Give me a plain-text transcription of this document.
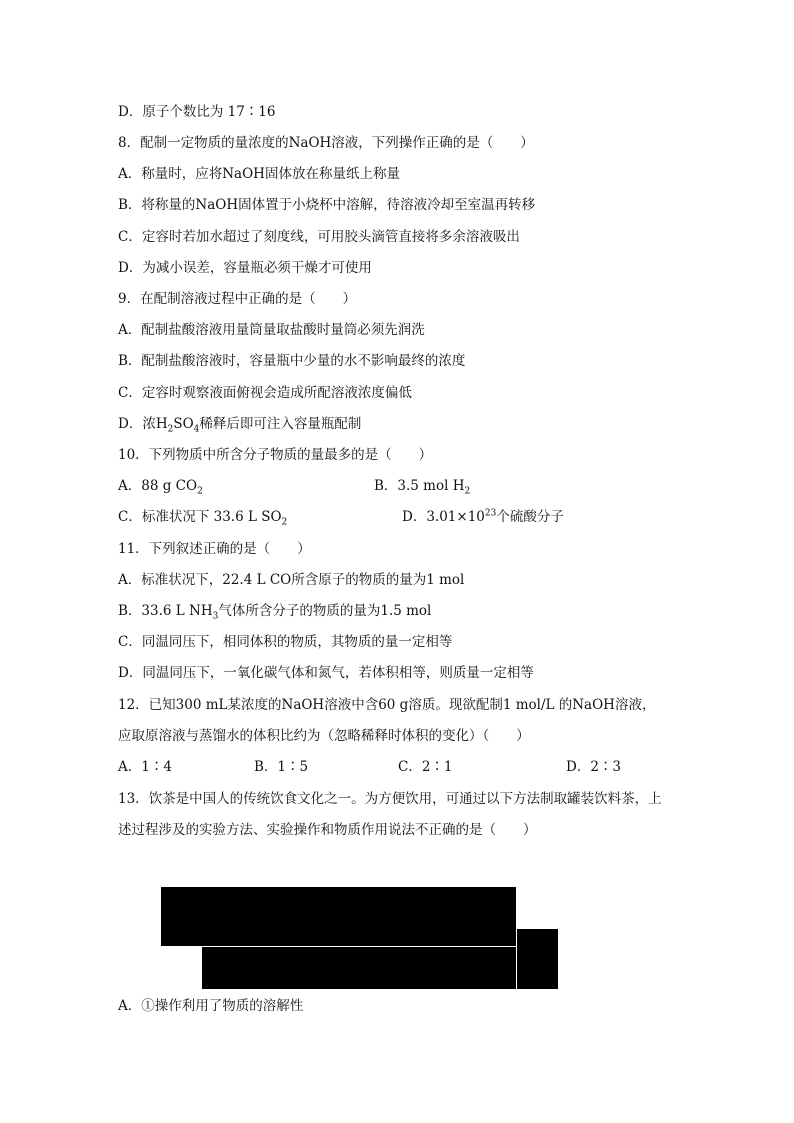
D．原子个数比为 17∶16
8．配制一定物质的量浓度的NaOH溶液，下列操作正确的是（　　）
A．称量时，应将NaOH固体放在称量纸上称量
B．将称量的NaOH固体置于小烧杯中溶解，待溶液冷却至室温再转移
C．定容时若加水超过了刻度线，可用胶头滴管直接将多余溶液吸出
D．为减小误差，容量瓶必须干燥才可使用
9．在配制溶液过程中正确的是（　　）
A．配制盐酸溶液用量筒量取盐酸时量筒必须先润洗
B．配制盐酸溶液时，容量瓶中少量的水不影响最终的浓度
C．定容时观察液面俯视会造成所配溶液浓度偏低
D．浓$H_2SO_4$稀释后即可注入容量瓶配制
10．下列物质中所含分子物质的量最多的是（　　）
A．88 g $CO_2$	B．3.5 mol $H_2$
C．标准状况下 33.6 L $SO_2$	D．$3.01\times 10^{23}$个硫酸分子
11．下列叙述正确的是（　　）
A．标准状况下，22.4 L CO所含原子的物质的量为1 mol
B．33.6 L $NH_3$气体所含分子的物质的量为1.5 mol
C．同温同压下，相同体积的物质，其物质的量一定相等
D．同温同压下，一氧化碳气体和氮气，若体积相等，则质量一定相等
12．已知300 mL某浓度的NaOH溶液中含60 g溶质。现欲配制1 mol/L 的NaOH溶液，
应取原溶液与蒸馏水的体积比约为（忽略稀释时体积的变化）（　　）
A．1∶4	B．1∶5	C．2∶1	D．2∶3
13．饮茶是中国人的传统饮食文化之一。为方便饮用，可通过以下方法制取罐装饮料茶，上
述过程涉及的实验方法、实验操作和物质作用说法不正确的是（　　）
A．①操作利用了物质的溶解性
